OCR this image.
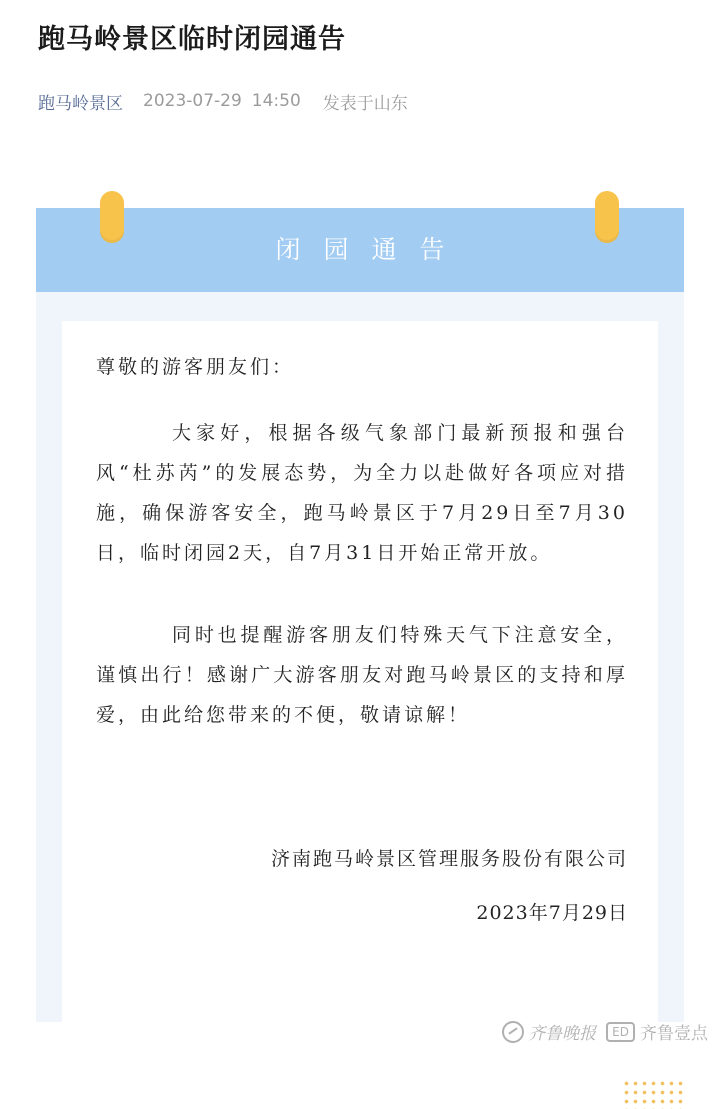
跑马岭景区临时闭园通告
跑马岭景区 2023-07-29 14:50 发表于山东
闭园通告
尊敬的游客朋友们：
大家好，根据各级气象部门最新预报和强台风“杜苏芮”的发展态势，为全力以赴做好各项应对措施，确保游客安全，跑马岭景区于7月29日至7月30日，临时闭园2天，自7月31日开始正常开放。
同时也提醒游客朋友们特殊天气下注意安全，谨慎出行！感谢广大游客朋友对跑马岭景区的支持和厚爱，由此给您带来的不便，敬请谅解！
济南跑马岭景区管理服务股份有限公司
2023年7月29日
齐鲁晚报	ED 齐鲁壹点
